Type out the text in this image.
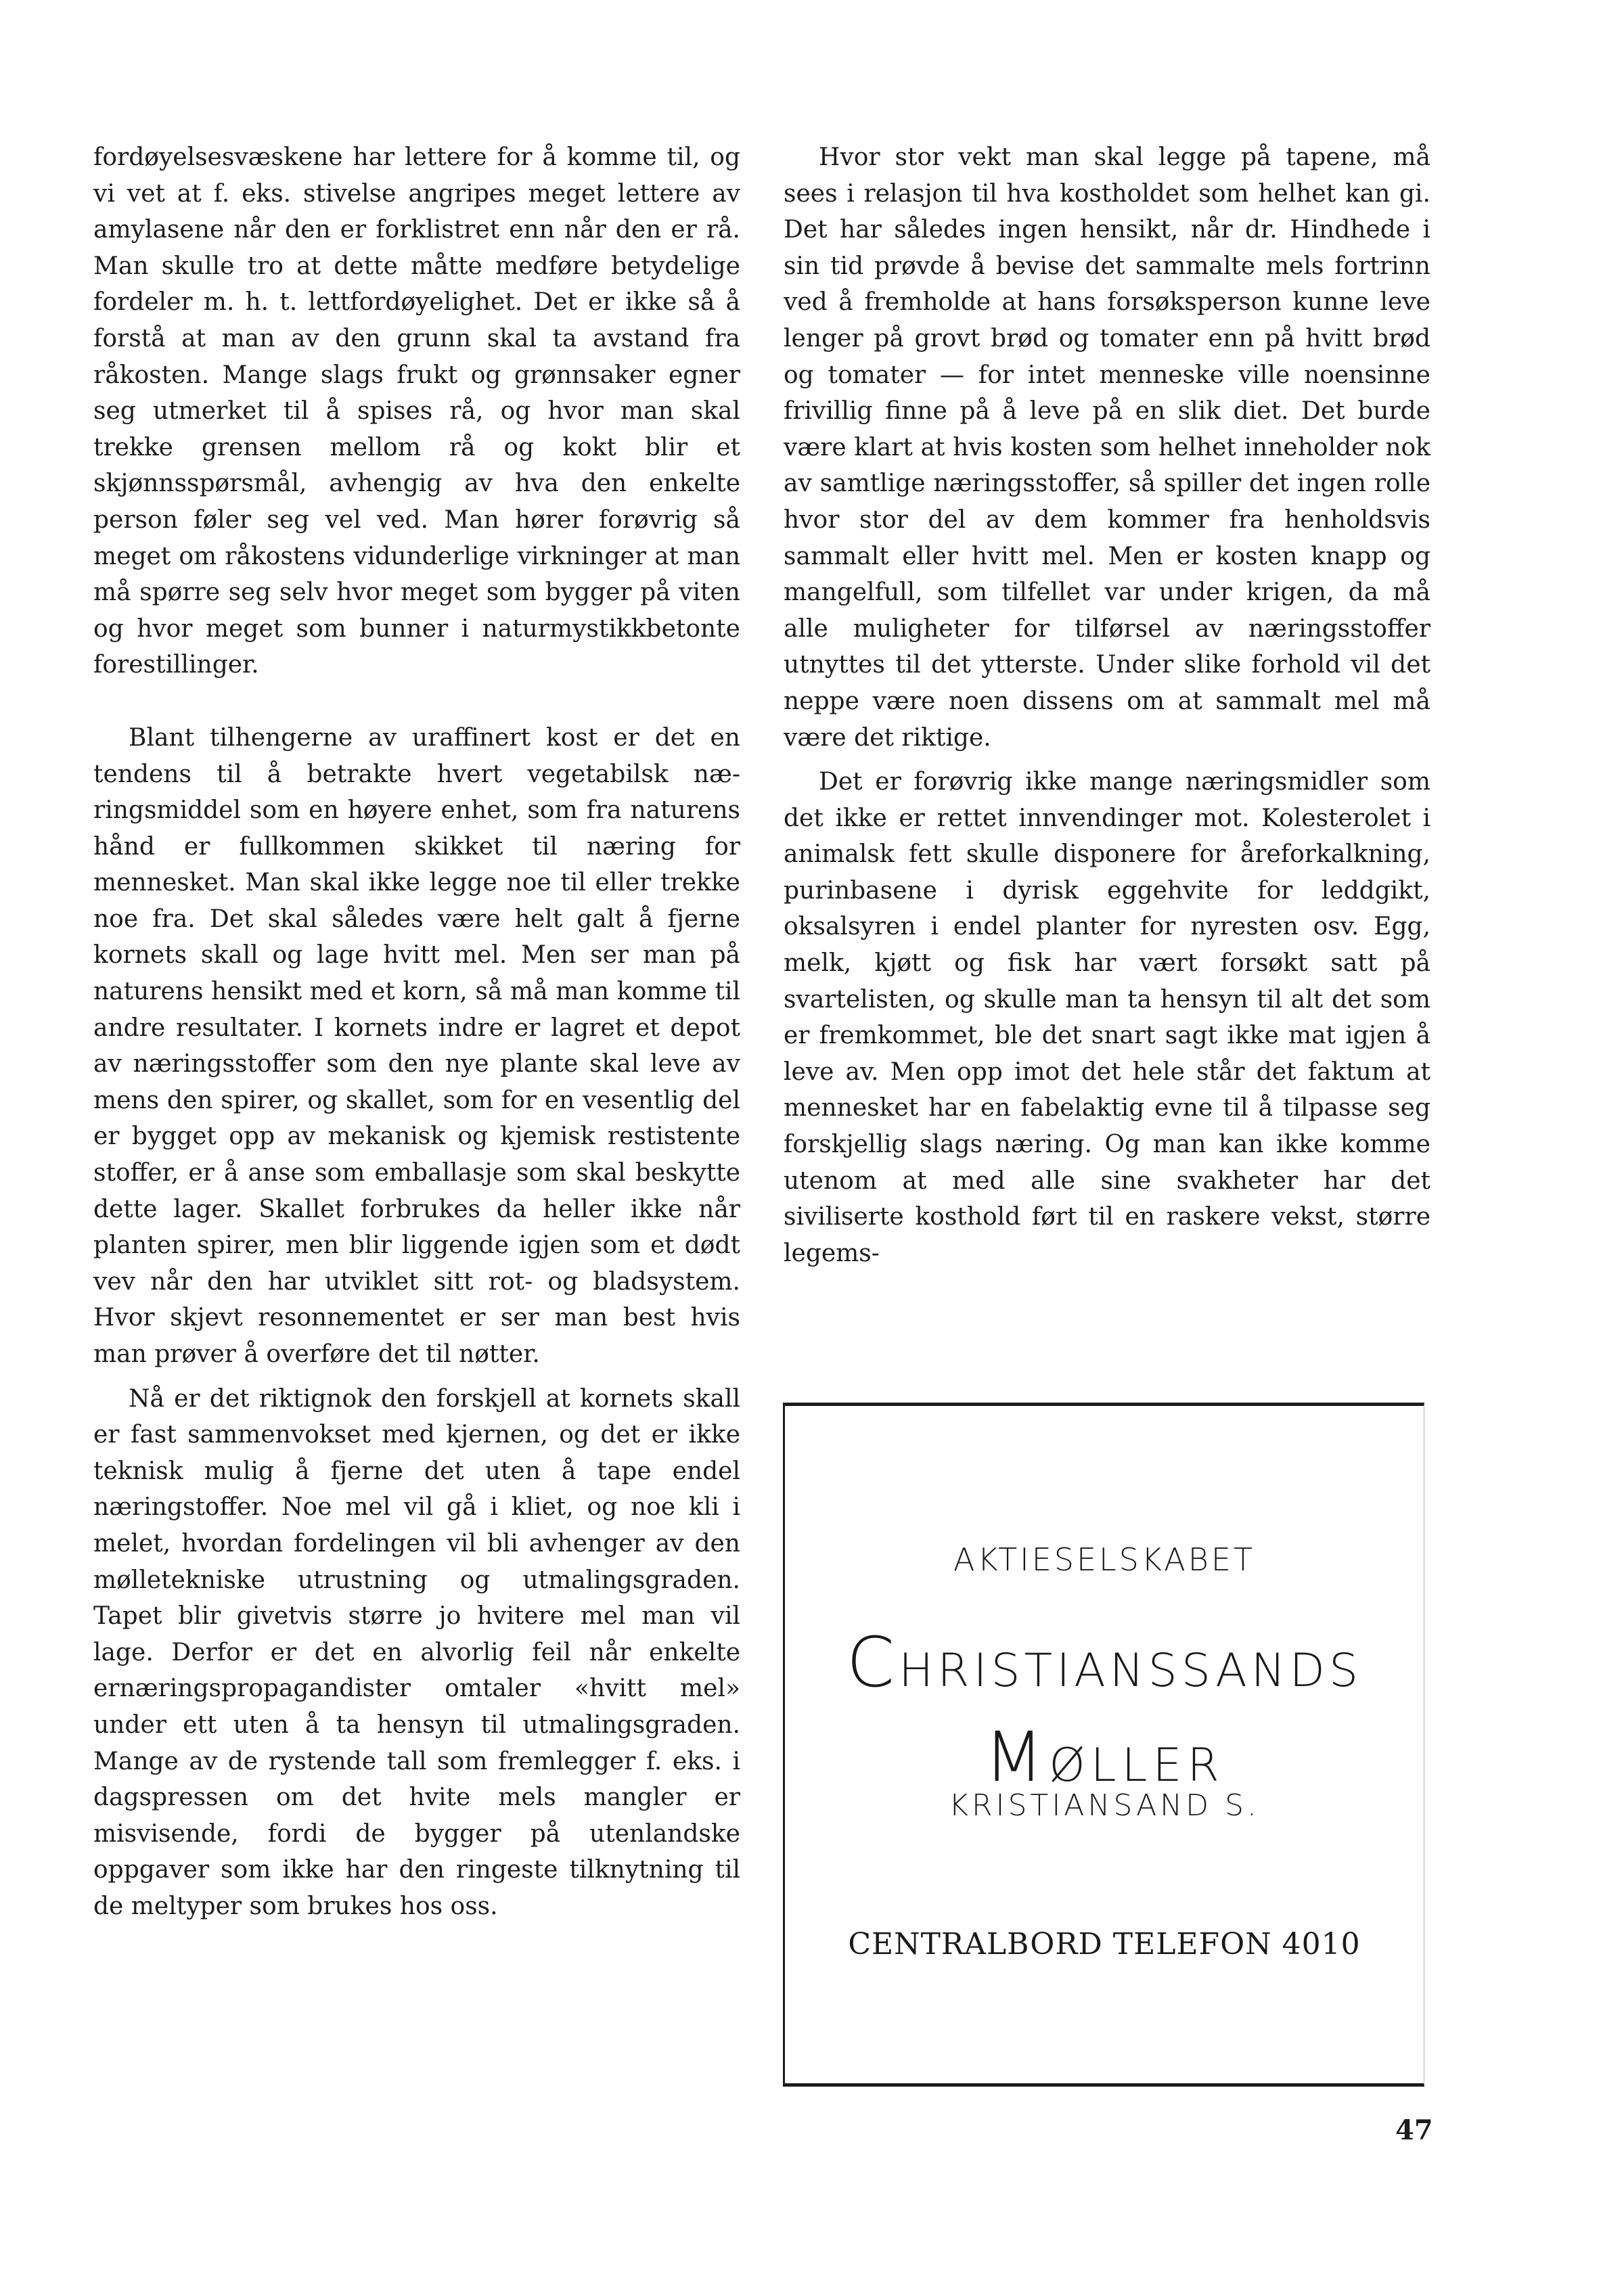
fordøyelsesvæskene har lettere for å komme til, og vi vet at f. eks. stivelse angripes meget lettere av amylasene når den er forklistret enn når den er rå. Man skulle tro at dette måtte medføre betydelige fordeler m. h. t. lettfordøyelighet. Det er ikke så å forstå at man av den grunn skal ta avstand fra råkosten. Mange slags frukt og grønnsaker egner seg utmerket til å spises rå, og hvor man skal trekke grensen mellom rå og kokt blir et skjønnsspørsmål, avhengig av hva den enkelte person føler seg vel ved. Man hører forøvrig så meget om råkostens vidunderlige virkninger at man må spørre seg selv hvor meget som bygger på viten og hvor meget som bunner i naturmystikkbetonte forestillinger.

Blant tilhengerne av uraffinert kost er det en tendens til å betrakte hvert vegetabilsk næringsmiddel som en høyere enhet, som fra naturens hånd er fullkommen skikket til næring for mennesket. Man skal ikke legge noe til eller trekke noe fra. Det skal således være helt galt å fjerne kornets skall og lage hvitt mel. Men ser man på naturens hensikt med et korn, så må man komme til andre resultater. I kornets indre er lagret et depot av næringsstoffer som den nye plante skal leve av mens den spirer, og skallet, som for en vesentlig del er bygget opp av mekanisk og kjemisk restistente stoffer, er å anse som emballasje som skal beskytte dette lager. Skallet forbrukes da heller ikke når planten spirer, men blir liggende igjen som et dødt vev når den har utviklet sitt rot- og bladsystem. Hvor skjevt resonnementet er ser man best hvis man prøver å overføre det til nøtter.

Nå er det riktignok den forskjell at kornets skall er fast sammenvokset med kjernen, og det er ikke teknisk mulig å fjerne det uten å tape endel næringstoffer. Noe mel vil gå i kliet, og noe kli i melet, hvordan fordelingen vil bli avhenger av den mølletekniske utrustning og utmalingsgraden. Tapet blir givetvis større jo hvitere mel man vil lage. Derfor er det en alvorlig feil når enkelte ernæringspropagandister omtaler «hvitt mel» under ett uten å ta hensyn til utmalingsgraden. Mange av de rystende tall som fremlegger f. eks. i dagspressen om det hvite mels mangler er misvisende, fordi de bygger på utenlandske oppgaver som ikke har den ringeste tilknytning til de meltyper som brukes hos oss.

Hvor stor vekt man skal legge på tapene, må sees i relasjon til hva kostholdet som helhet kan gi. Det har således ingen hensikt, når dr. Hindhede i sin tid prøvde å bevise det sammalte mels fortrinn ved å fremholde at hans forsøksperson kunne leve lenger på grovt brød og tomater enn på hvitt brød og tomater — for intet menneske ville noensinne frivillig finne på å leve på en slik diet. Det burde være klart at hvis kosten som helhet inneholder nok av samtlige næringsstoffer, så spiller det ingen rolle hvor stor del av dem kommer fra henholdsvis sammalt eller hvitt mel. Men er kosten knapp og mangelfull, som tilfellet var under krigen, da må alle muligheter for tilførsel av næringsstoffer utnyttes til det ytterste. Under slike forhold vil det neppe være noen dissens om at sammalt mel må være det riktige.

Det er forøvrig ikke mange næringsmidler som det ikke er rettet innvendinger mot. Kolesterolet i animalsk fett skulle disponere for åreforkalkning, purinbasene i dyrisk eggehvite for leddgikt, oksalsyren i endel planter for nyresten osv. Egg, melk, kjøtt og fisk har vært forsøkt satt på svartelisten, og skulle man ta hensyn til alt det som er fremkommet, ble det snart sagt ikke mat igjen å leve av. Men opp imot det hele står det faktum at mennesket har en fabelaktig evne til å tilpasse seg forskjellig slags næring. Og man kan ikke komme utenom at med alle sine svakheter har det siviliserte kosthold ført til en raskere vekst, større legems-

AKTIESELSKABET
CHRISTIANSSANDS
MØLLER
KRISTIANSAND S.
CENTRALBORD TELEFON 4010
47
